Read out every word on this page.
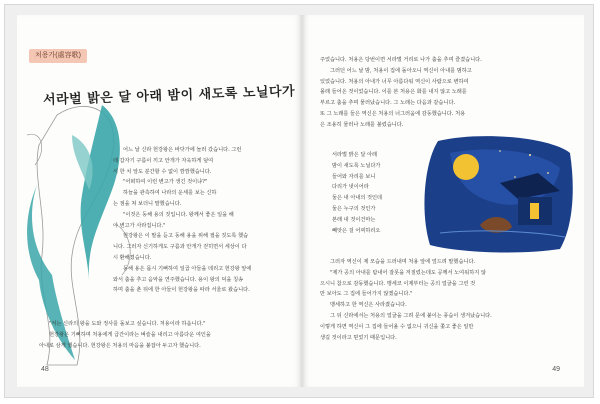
처용가(處容歌)
서라벌 밝은 달 아래 밤이 새도록 노닐다가
어느 날 신라 헌강왕은 바닷가에 놀러 갔습니다. 그런
데 갑자기 구름이 끼고 안개가 자욱하게 덮여
서 한 치 앞도 분간할 수 없이 깜깜했습니다.
"어떠하여 이런 변고가 생긴 것이냐?"
하늘을 관측하여 나라의 운세를 보는 신하
는 점을 쳐 보더니 말했습니다.
"이것은 동해 용의 짓입니다. 왕께서 좋은 일을 해
야 변고가 사라집니다."
헌강왕은 이 말을 듣고 동해 용을 위해 절을 짓도록 했습
니다. 그러자 신기하게도 구름과 안개가 걷히면서 세상이 다
시 환해졌습니다.
동해 용은 몹시 기뻐하여 일곱 아들을 데리고 헌강왕 앞에
와서 춤을 추고 음악을 연주했습니다. 용이 왕의 덕을 칭송
하며 춤을 춘 뒤에 한 아들이 헌강왕을 따라 서울로 왔습니다.
"저는 신라의 왕을 도와 정사를 돌보고 싶습니다. 처용이라 하옵니다."
헌강왕은 기뻐하며 처용에게 급간이라는 벼슬을 내리고 아름다운 여인을
아내로 삼게 했습니다. 헌강왕은 처용의 마음을 붙잡아 두고자 했습니다.
48
주었습니다. 처용은 당번이면 서라벌 거리로 나가 춤을 추며 즐겼습니다.
그러던 어느 날 밤, 처용이 집에 돌아오니 역신이 아내를 범하고
있었습니다. 처용의 아내가 너무 아름다워 역신이 사람으로 변하여
몰래 들어온 것이었습니다. 이를 본 처용은 화를 내지 않고 노래를
부르고 춤을 추며 물러났습니다. 그 노래는 다음과 같습니다.
또 그 노래를 들은 역신은 처용의 너그러움에 감동했습니다. 처용
은 조용히 물러나 노래를 불렀습니다.
서라벌 밝은 달 아래
밤이 새도록 노닐다가
들어와 자리를 보니
다리가 넷이어라
둘은 내 아내의 것인데
둘은 누구의 것인가
본래 내 것이건마는
빼앗은 걸 어찌하리오
그러자 역신이 제 모습을 드러내며 처용 앞에 엎드려 말했습니다.
"제가 공의 아내를 탐내어 잘못을 저질렀는데도 공께서 노여워하지 않
으시니 참으로 감동했습니다. 맹세코 이제부터는 공의 얼굴을 그린 것
만 보아도 그 집에 들어가지 않겠습니다."
맹세하고 한 역신은 사라졌습니다.
그 뒤 신라에서는 처용의 얼굴을 그려 문에 붙이는 풍습이 생겨났습니다.
이렇게 하면 역신이 그 집에 들어올 수 없으니 귀신을 쫓고 좋은 일만
생길 것이라고 믿었기 때문입니다.
49
